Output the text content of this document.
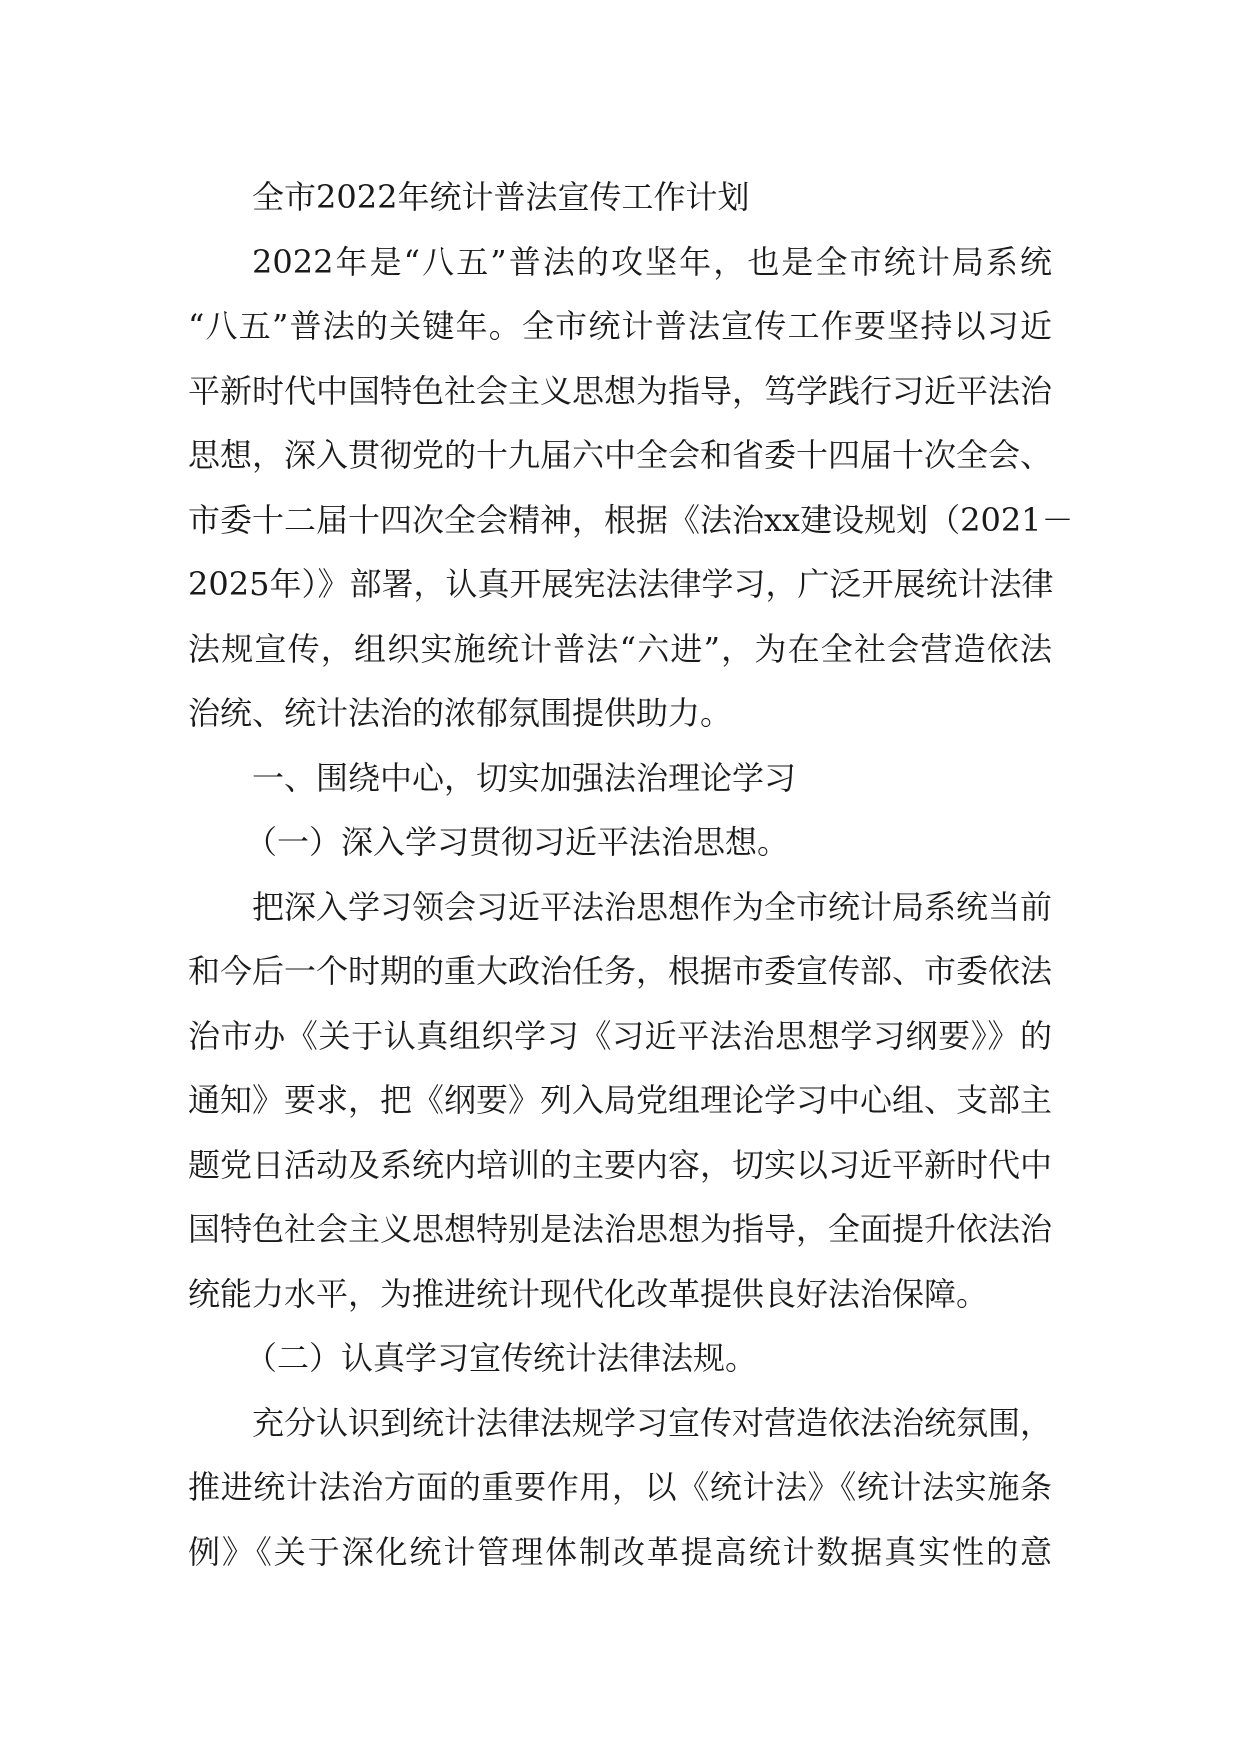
全市2022年统计普法宣传工作计划
2022年是“八五”普法的攻坚年，也是全市统计局系统
“八五”普法的关键年。全市统计普法宣传工作要坚持以习近
平新时代中国特色社会主义思想为指导，笃学践行习近平法治
思想，深入贯彻党的十九届六中全会和省委十四届十次全会、
市委十二届十四次全会精神，根据《法治xx建设规划（2021－
2025年）》部署，认真开展宪法法律学习，广泛开展统计法律
法规宣传，组织实施统计普法“六进”，为在全社会营造依法
治统、统计法治的浓郁氛围提供助力。
一、围绕中心，切实加强法治理论学习
（一）深入学习贯彻习近平法治思想。
把深入学习领会习近平法治思想作为全市统计局系统当前
和今后一个时期的重大政治任务，根据市委宣传部、市委依法
治市办《关于认真组织学习《习近平法治思想学习纲要》》的
通知》要求，把《纲要》列入局党组理论学习中心组、支部主
题党日活动及系统内培训的主要内容，切实以习近平新时代中
国特色社会主义思想特别是法治思想为指导，全面提升依法治
统能力水平，为推进统计现代化改革提供良好法治保障。
（二）认真学习宣传统计法律法规。
充分认识到统计法律法规学习宣传对营造依法治统氛围，
推进统计法治方面的重要作用，以《统计法》《统计法实施条
例》《关于深化统计管理体制改革提高统计数据真实性的意
